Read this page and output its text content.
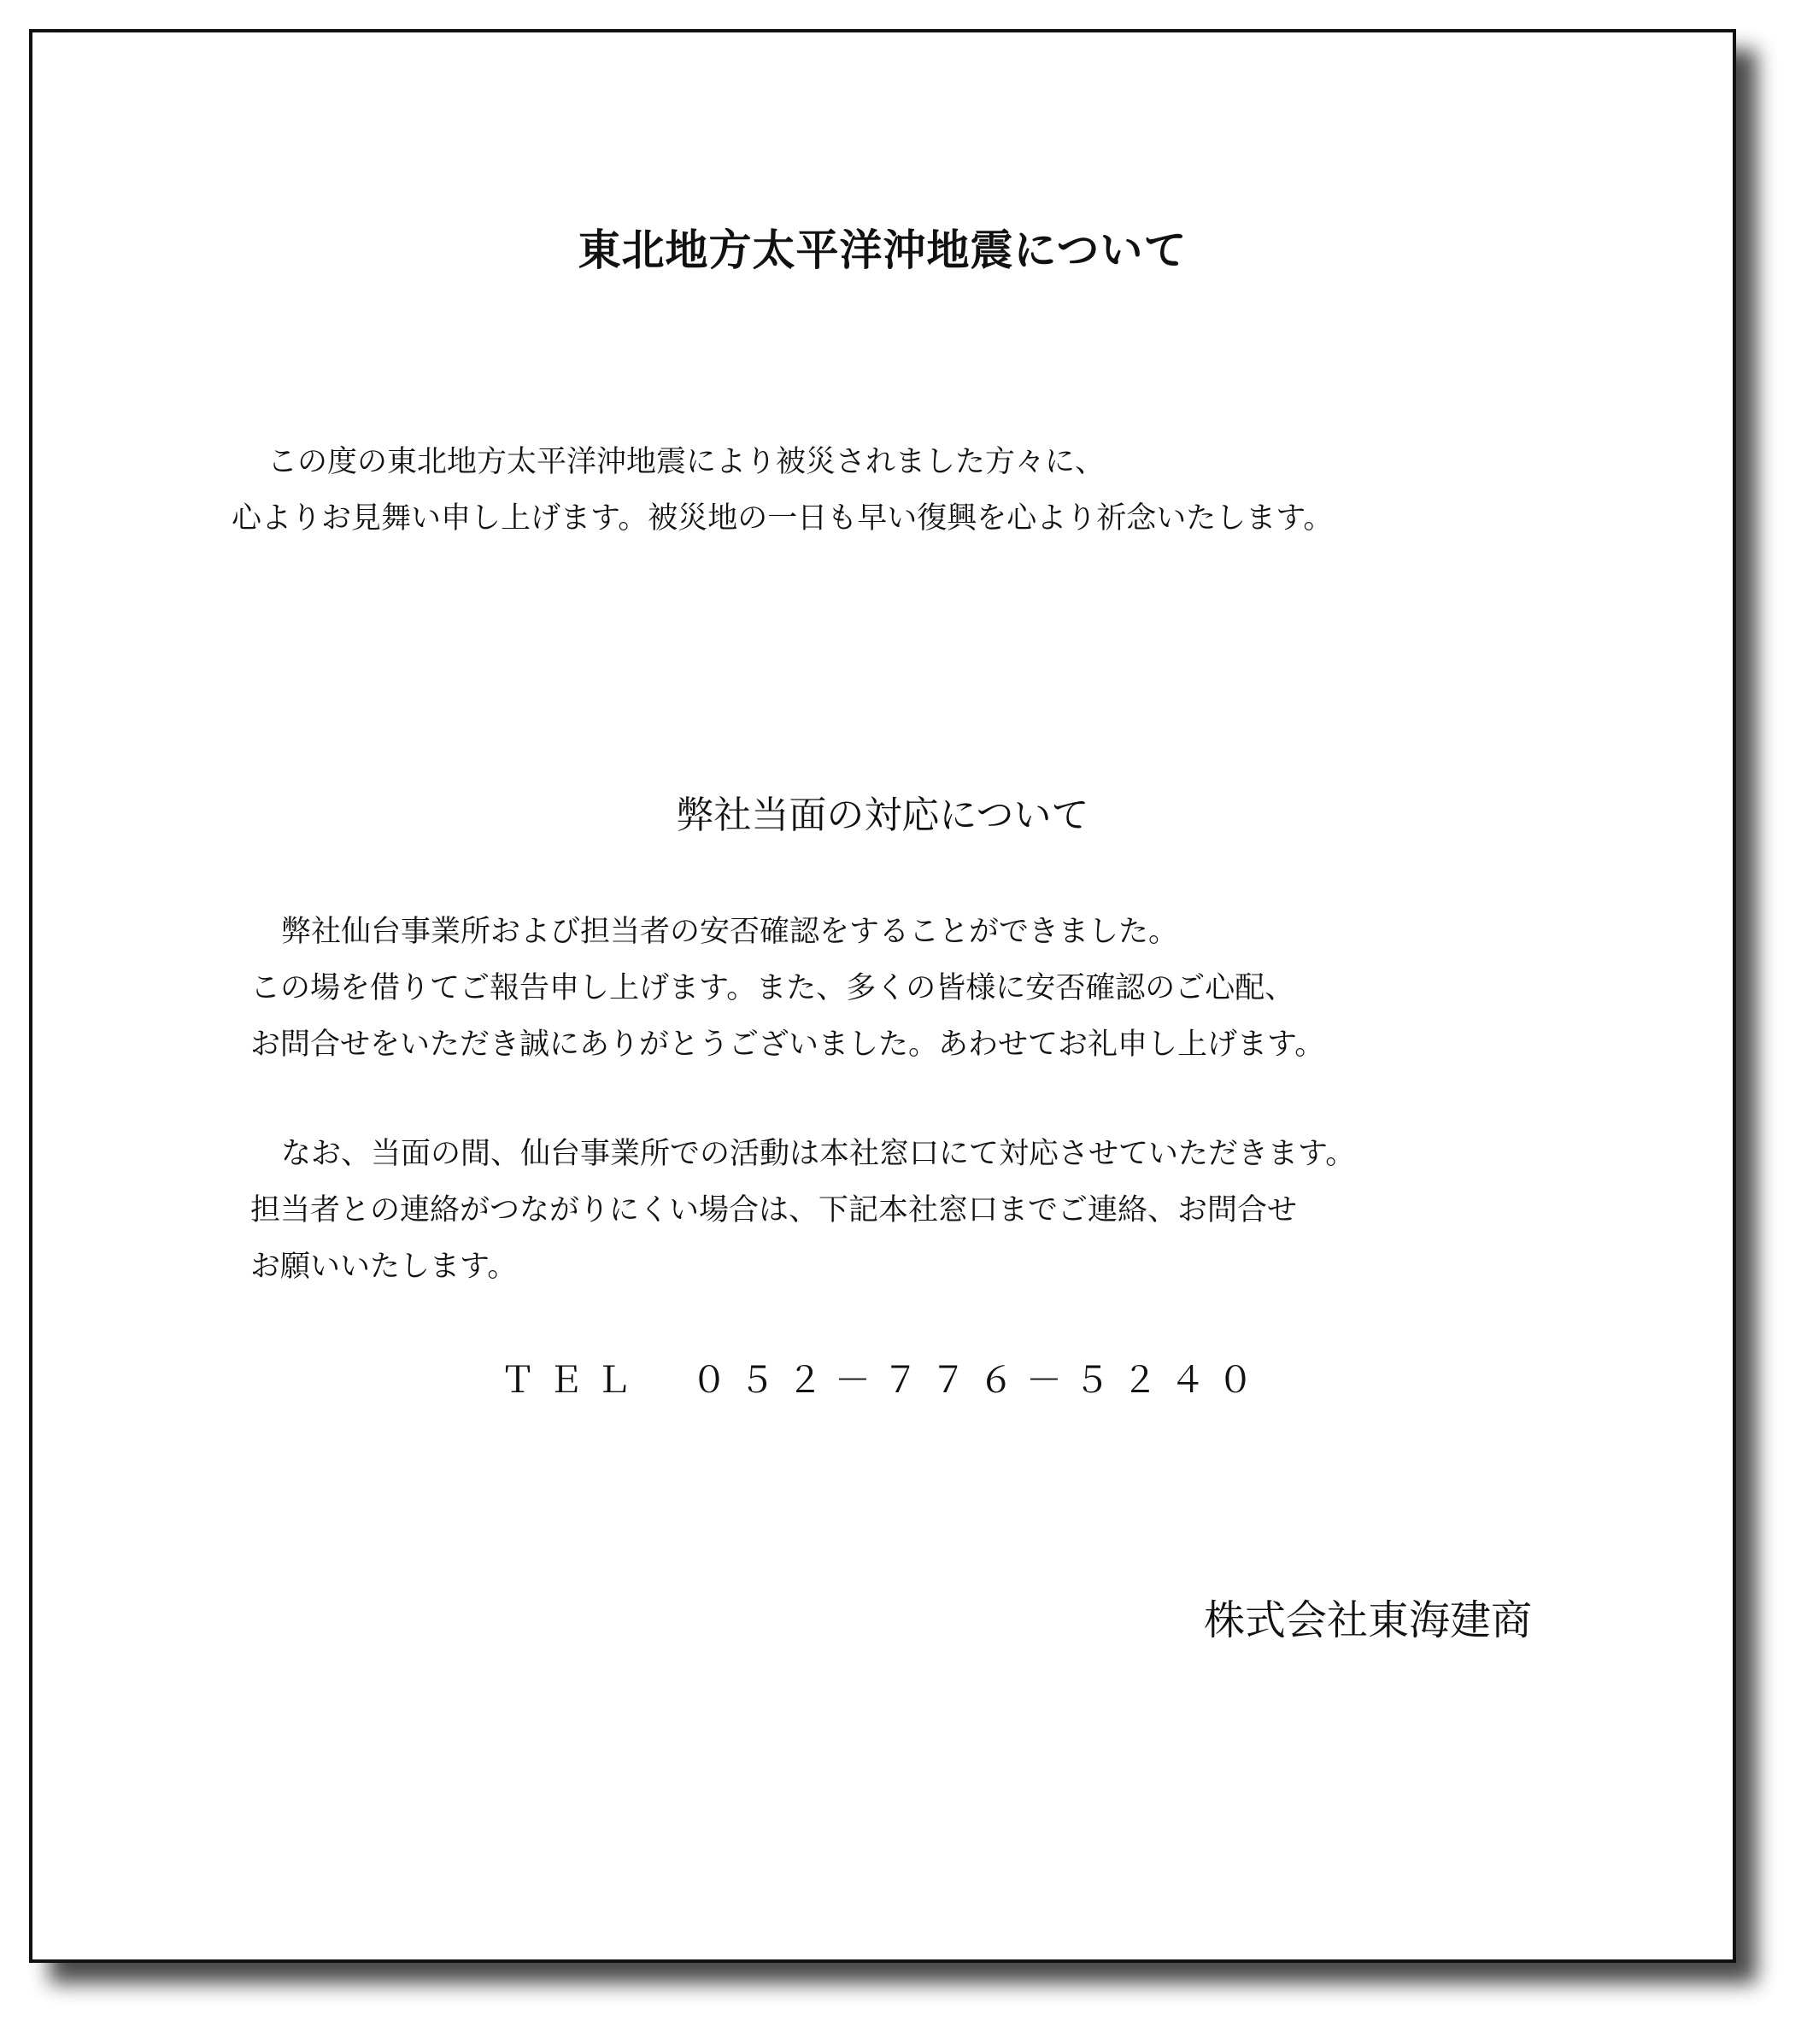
東北地方太平洋沖地震について
この度の東北地方太平洋沖地震により被災されました方々に、
心よりお見舞い申し上げます。被災地の一日も早い復興を心より祈念いたします。
弊社当面の対応について
弊社仙台事業所および担当者の安否確認をすることができました。
この場を借りてご報告申し上げます。また、多くの皆様に安否確認のご心配、
お問合せをいただき誠にありがとうございました。あわせてお礼申し上げます。
なお、当面の間、仙台事業所での活動は本社窓口にて対応させていただきます。
担当者との連絡がつながりにくい場合は、下記本社窓口までご連絡、お問合せ
お願いいたします。
ＴＥＬ　０５２－７７６－５２４０
株式会社東海建商
